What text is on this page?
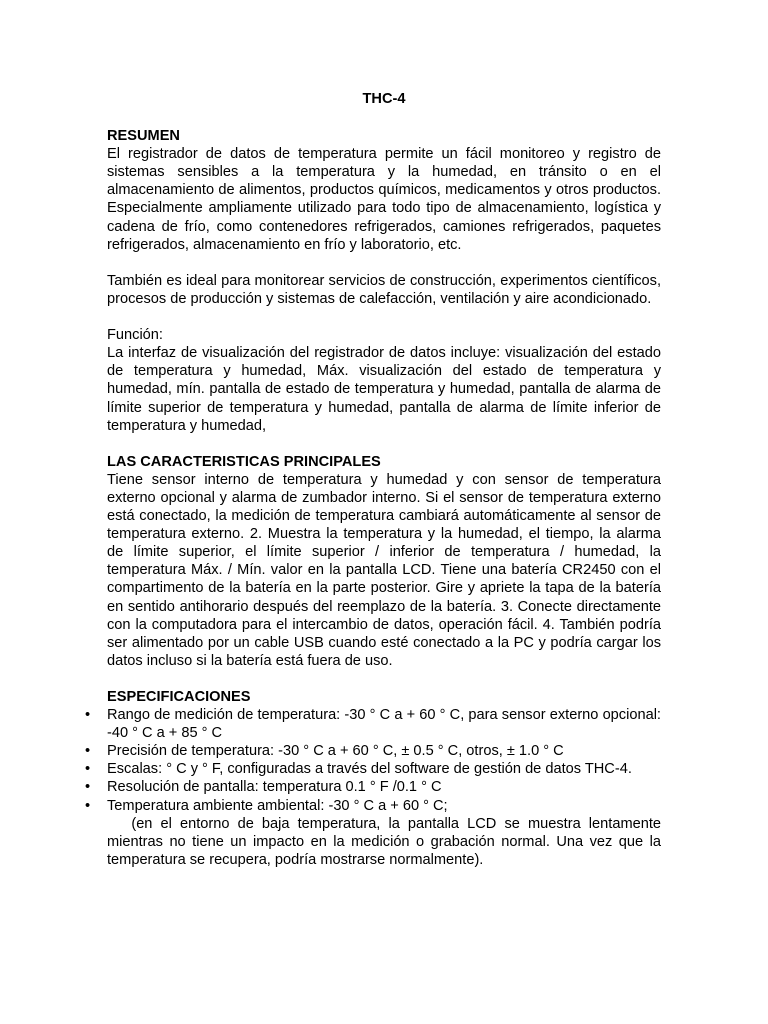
THC-4
RESUMEN

El registrador de datos de temperatura permite un fácil monitoreo y registro de sistemas sensibles a la temperatura y la humedad, en tránsito o en el almacenamiento de alimentos, productos químicos, medicamentos y otros productos. Especialmente ampliamente utilizado para todo tipo de almacenamiento, logística y cadena de frío, como contenedores refrigerados, camiones refrigerados, paquetes refrigerados, almacenamiento en frío y laboratorio, etc.

También es ideal para monitorear servicios de construcción, experimentos científicos, procesos de producción y sistemas de calefacción, ventilación y aire acondicionado.

Función:

La interfaz de visualización del registrador de datos incluye: visualización del estado de temperatura y humedad, Máx. visualización del estado de temperatura y humedad, mín. pantalla de estado de temperatura y humedad, pantalla de alarma de límite superior de temperatura y humedad, pantalla de alarma de límite inferior de temperatura y humedad,

LAS CARACTERISTICAS PRINCIPALES

Tiene sensor interno de temperatura y humedad y con sensor de temperatura externo opcional y alarma de zumbador interno. Si el sensor de temperatura externo está conectado, la medición de temperatura cambiará automáticamente al sensor de temperatura externo. 2. Muestra la temperatura y la humedad, el tiempo, la alarma de límite superior, el límite superior / inferior de temperatura / humedad, la temperatura Máx. / Mín. valor en la pantalla LCD. Tiene una batería CR2450 con el compartimento de la batería en la parte posterior. Gire y apriete la tapa de la batería en sentido antihorario después del reemplazo de la batería. 3. Conecte directamente con la computadora para el intercambio de datos, operación fácil. 4. También podría ser alimentado por un cable USB cuando esté conectado a la PC y podría cargar los datos incluso si la batería está fuera de uso.

ESPECIFICACIONES
• Rango de medición de temperatura: -30 ° C a + 60 ° C, para sensor externo opcional: -40 ° C a + 85 ° C
• Precisión de temperatura: -30 ° C a + 60 ° C, ± 0.5 ° C, otros, ± 1.0 ° C
• Escalas: ° C y ° F, configuradas a través del software de gestión de datos THC-4.
• Resolución de pantalla: temperatura 0.1 ° F /0.1 ° C
• Temperatura ambiente ambiental: -30 ° C a + 60 ° C;

(en el entorno de baja temperatura, la pantalla LCD se muestra lentamente mientras no tiene un impacto en la medición o grabación normal. Una vez que la temperatura se recupera, podría mostrarse normalmente).
